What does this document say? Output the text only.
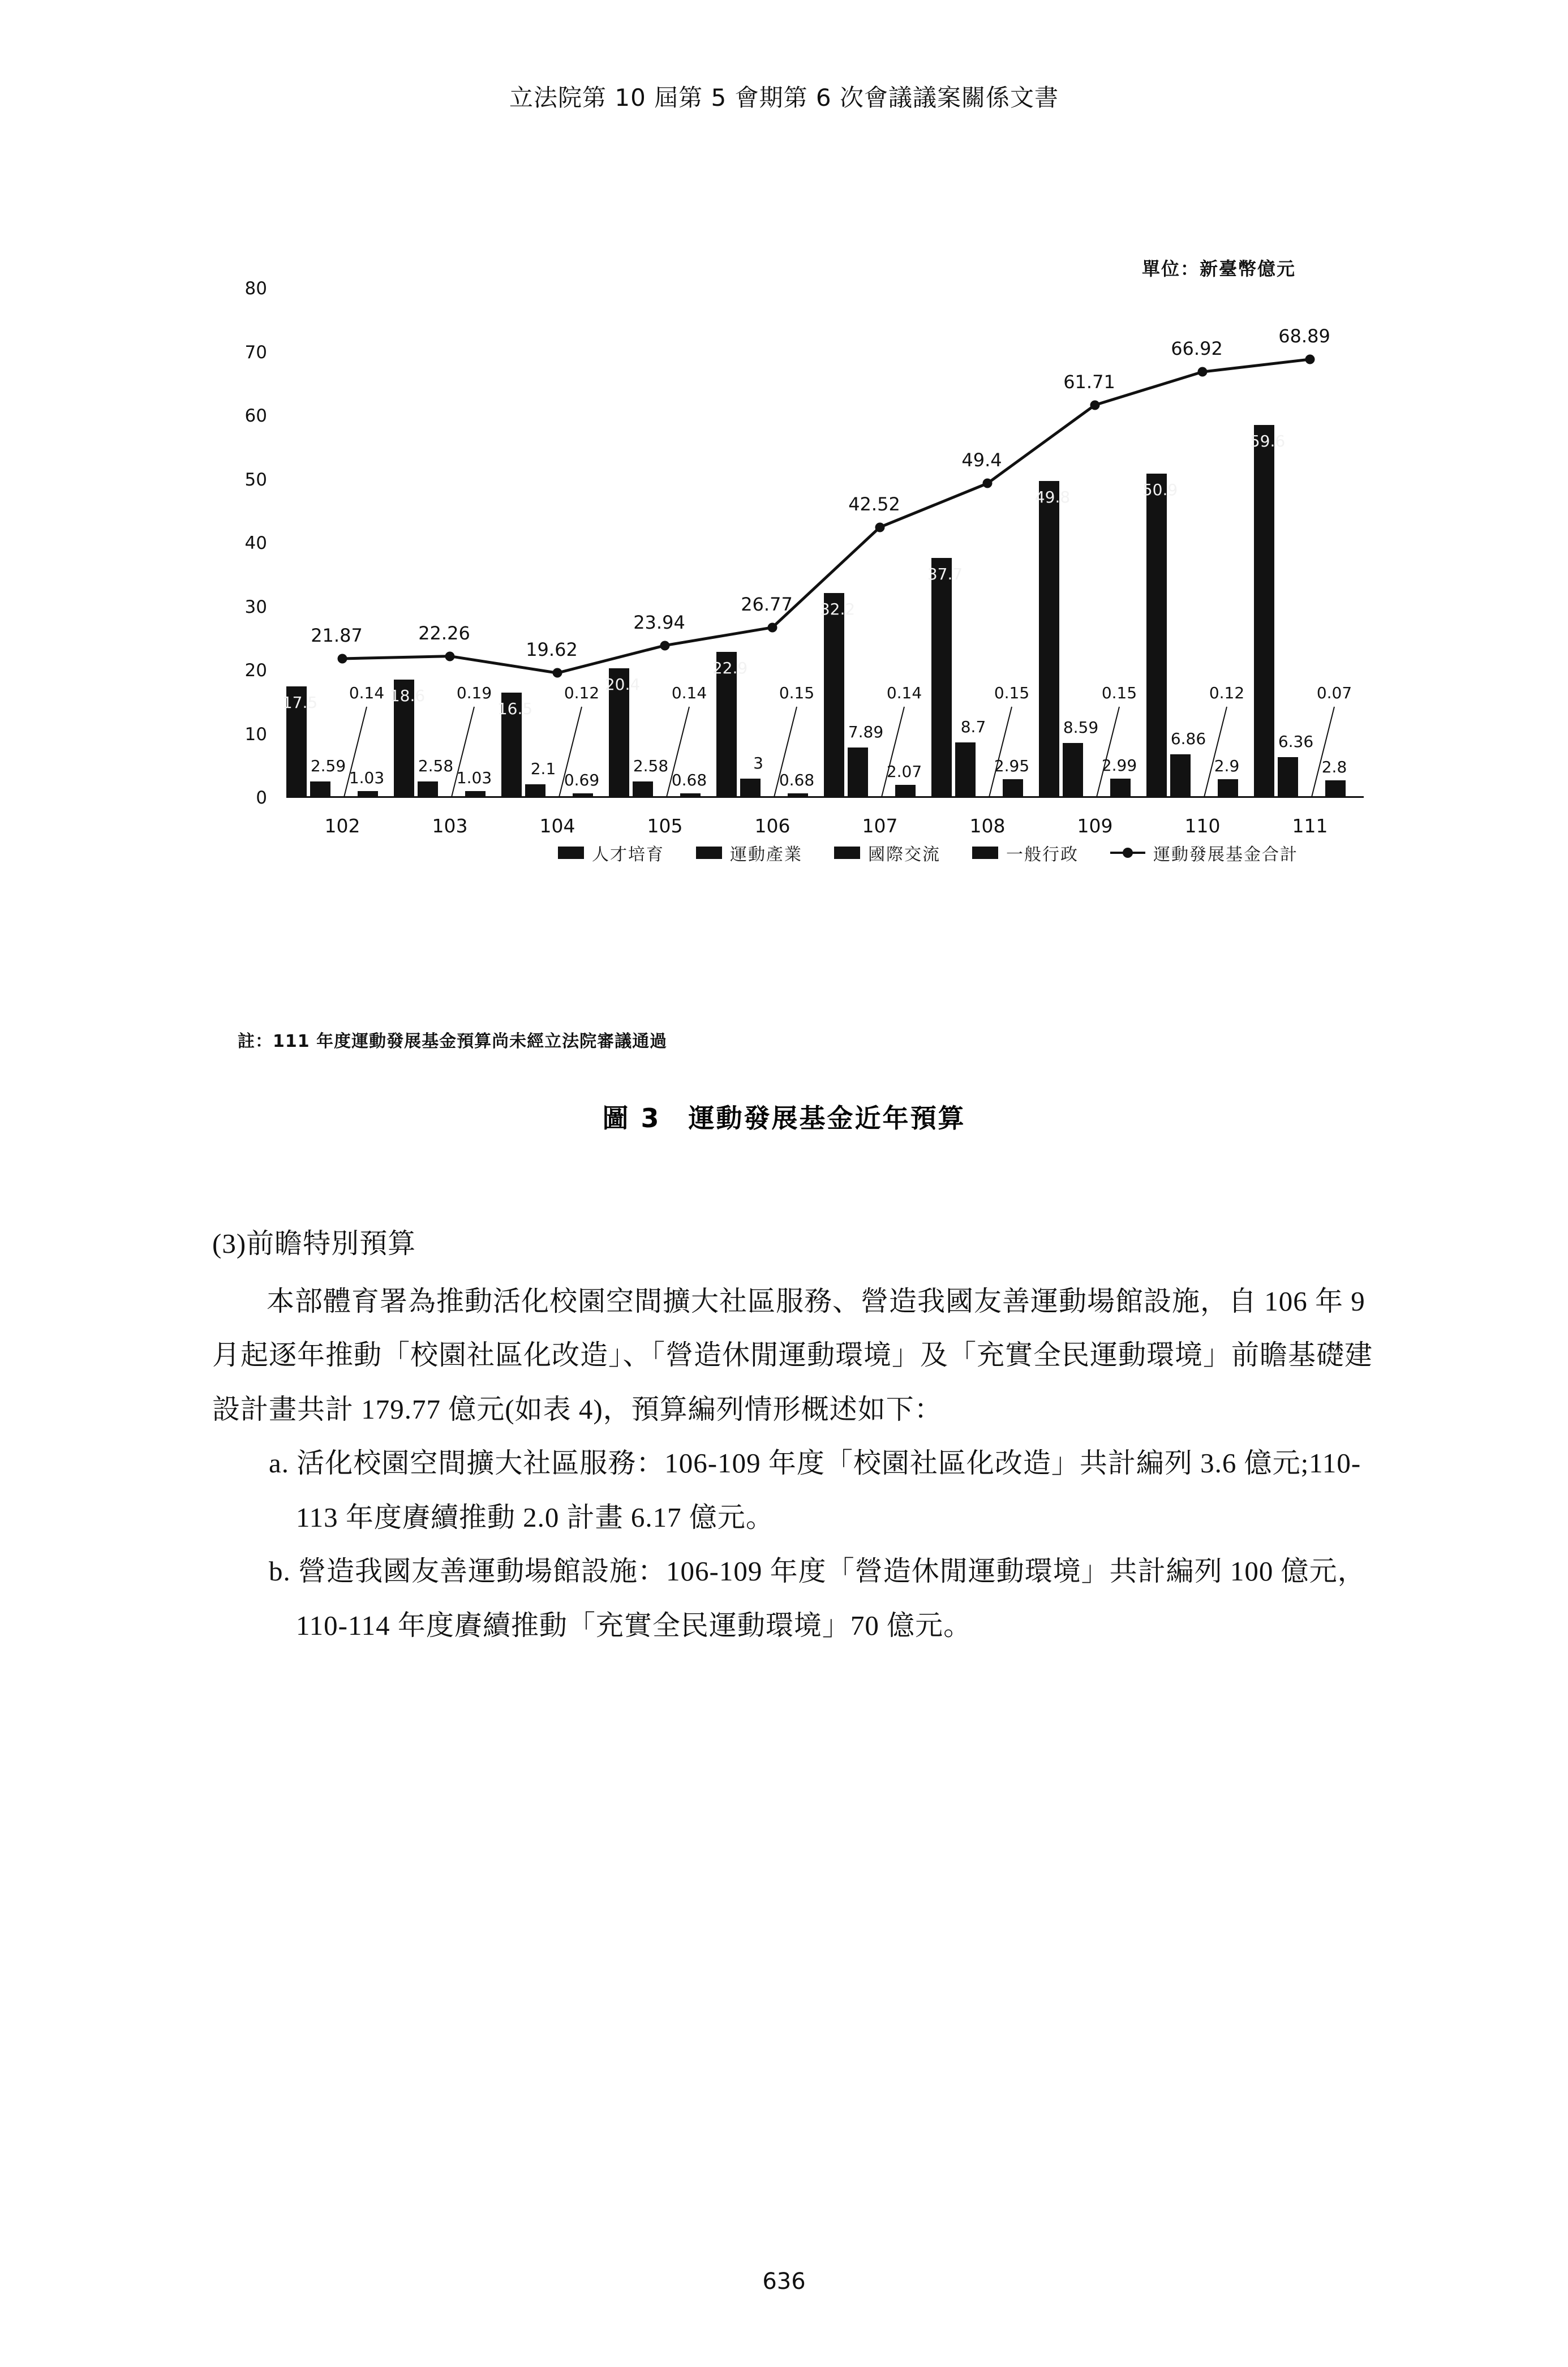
立法院第 10 屆第 5 會期第 6 次會議議案關係文書
單位：新臺幣億元
0
10
20
30
40
50
60
70
80
17.5
2.59
0.14
1.03
102
18.6
2.58
0.19
1.03
103
16.5
2.1
0.12
0.69
104
20.4
2.58
0.14
0.68
105
22.9
3
0.15
0.68
106
32.2
7.89
0.14
2.07
107
37.7
8.7
0.15
2.95
108
49.8
8.59
0.15
2.99
109
50.9
6.86
0.12
2.9
110
59.6
6.36
0.07
2.8
111
21.87	22.26
19.62
23.94
26.77
42.52
49.4
61.71
66.92
68.89
人才培育	運動產業	國際交流	一般行政	運動發展基金合計
註：111 年度運動發展基金預算尚未經立法院審議通過
圖 3　運動發展基金近年預算

(3)前瞻特別預算

本部體育署為推動活化校園空間擴大社區服務、營造我國友善運動場館設施，自 106 年 9 月起逐年推動「校園社區化改造」、「營造休閒運動環境」及「充實全民運動環境」前瞻基礎建設計畫共計 179.77 億元(如表 4)，預算編列情形概述如下：

a. 活化校園空間擴大社區服務：106-109 年度「校園社區化改造」共計編列 3.6 億元;110-113 年度賡續推動 2.0 計畫 6.17 億元。

b. 營造我國友善運動場館設施：106-109 年度「營造休閒運動環境」共計編列 100 億元，110-114 年度賡續推動「充實全民運動環境」70 億元。

636
